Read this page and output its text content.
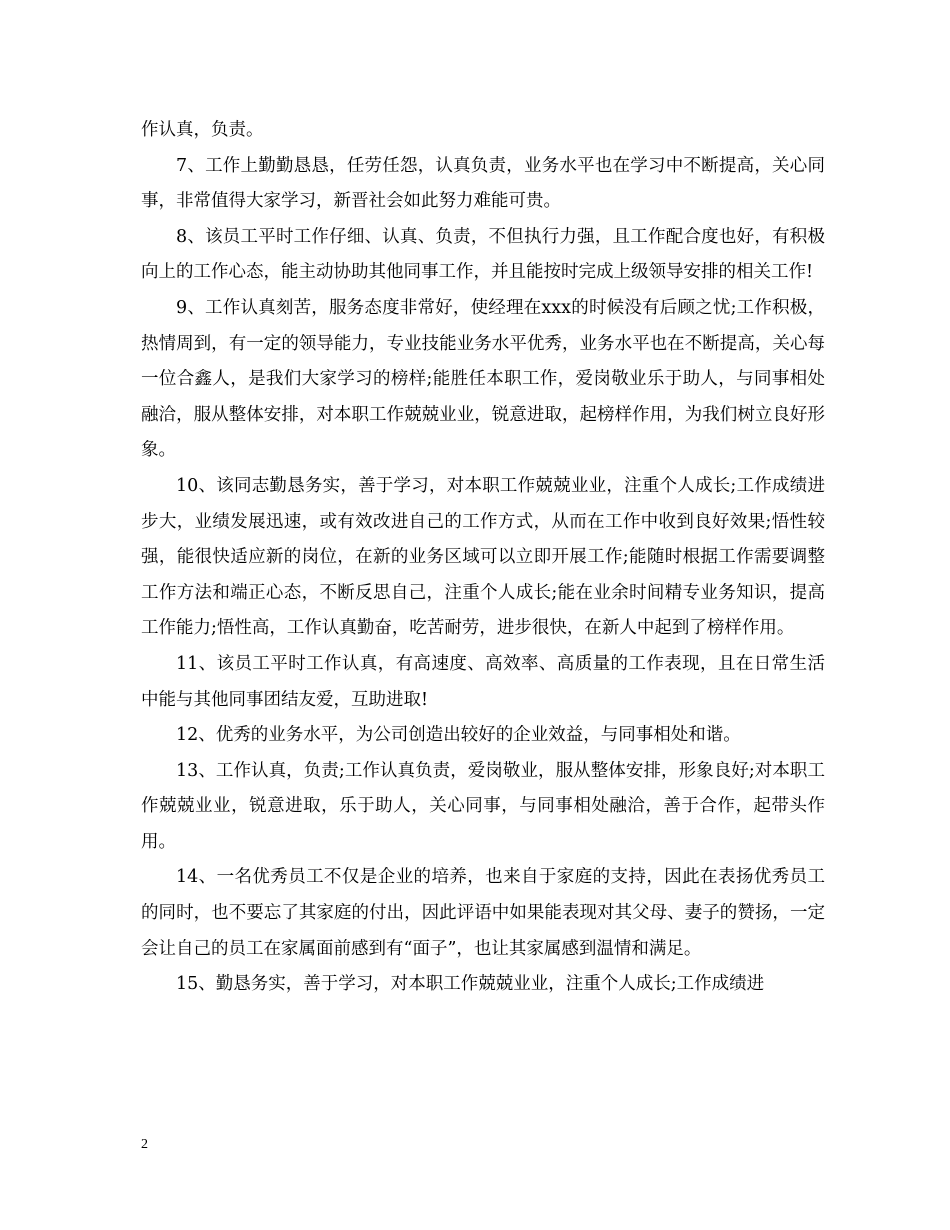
作认真，负责。

7、工作上勤勤恳恳，任劳任怨，认真负责，业务水平也在学习中不断提高，关心同事，非常值得大家学习，新晋社会如此努力难能可贵。

8、该员工平时工作仔细、认真、负责，不但执行力强，且工作配合度也好，有积极向上的工作心态，能主动协助其他同事工作，并且能按时完成上级领导安排的相关工作!

9、工作认真刻苦，服务态度非常好，使经理在xxx的时候没有后顾之忧;工作积极，热情周到，有一定的领导能力，专业技能业务水平优秀，业务水平也在不断提高，关心每一位合鑫人，是我们大家学习的榜样;能胜任本职工作，爱岗敬业乐于助人，与同事相处融洽，服从整体安排，对本职工作兢兢业业，锐意进取，起榜样作用，为我们树立良好形象。

10、该同志勤恳务实，善于学习，对本职工作兢兢业业，注重个人成长;工作成绩进步大，业绩发展迅速，或有效改进自己的工作方式，从而在工作中收到良好效果;悟性较强，能很快适应新的岗位，在新的业务区域可以立即开展工作;能随时根据工作需要调整工作方法和端正心态，不断反思自己，注重个人成长;能在业余时间精专业务知识，提高工作能力;悟性高，工作认真勤奋，吃苦耐劳，进步很快，在新人中起到了榜样作用。

11、该员工平时工作认真，有高速度、高效率、高质量的工作表现，且在日常生活中能与其他同事团结友爱，互助进取!

12、优秀的业务水平，为公司创造出较好的企业效益，与同事相处和谐。

13、工作认真，负责;工作认真负责，爱岗敬业，服从整体安排，形象良好;对本职工作兢兢业业，锐意进取，乐于助人，关心同事，与同事相处融洽，善于合作，起带头作用。

14、一名优秀员工不仅是企业的培养，也来自于家庭的支持，因此在表扬优秀员工的同时，也不要忘了其家庭的付出，因此评语中如果能表现对其父母、妻子的赞扬，一定会让自己的员工在家属面前感到有“面子”，也让其家属感到温情和满足。

15、勤恳务实，善于学习，对本职工作兢兢业业，注重个人成长;工作成绩进

2
